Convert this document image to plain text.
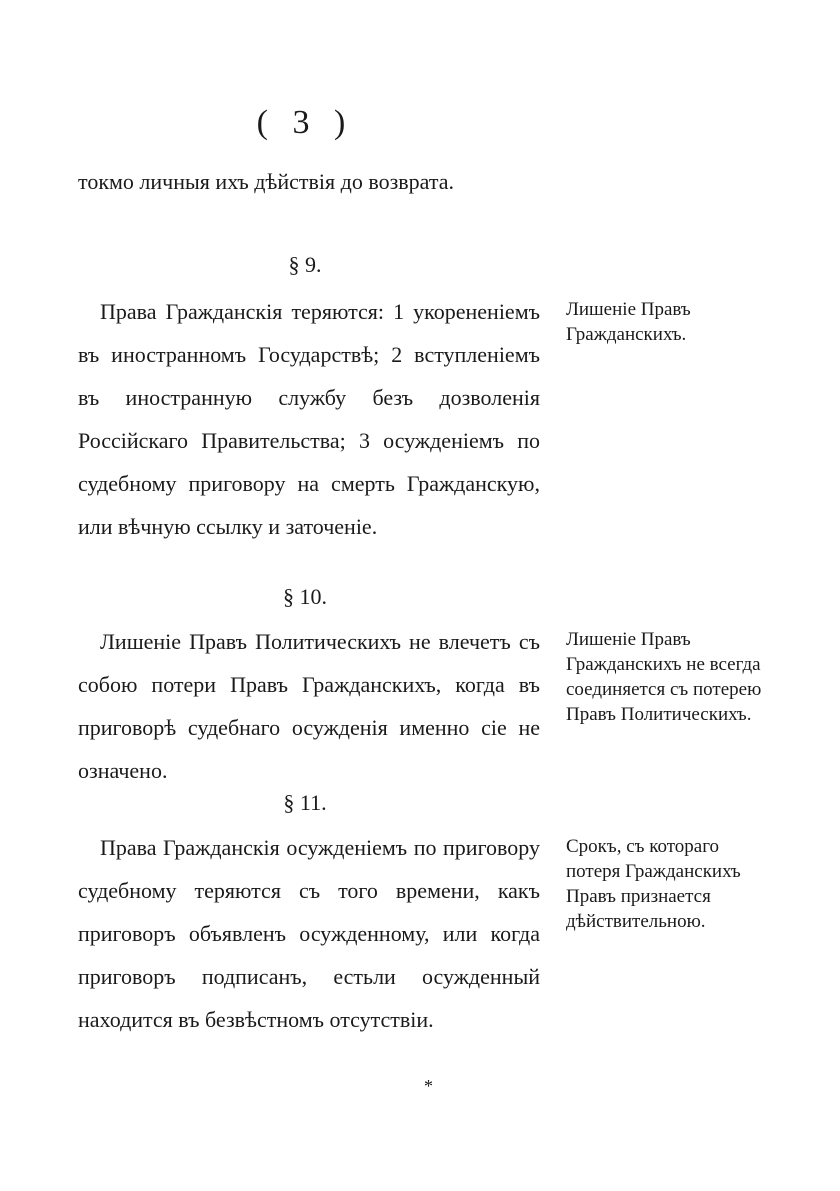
( 3 )

токмо личныя ихъ дѣйствія до возврата.

§ 9.

Права Гражданскія теряются: 1 укорененіемъ въ иностранномъ Государствѣ; 2 вступленіемъ въ иностранную службу безъ дозволенія Россійскаго Правительства; 3 осужденіемъ по судебному приговору на смерть Гражданскую, или вѣчную ссылку и заточеніе.

Лишеніе Правъ Гражданскихъ.
§ 10.

Лишеніе Правъ Политическихъ не влечетъ съ собою потери Правъ Гражданскихъ, когда въ приговорѣ судебнаго осужденія именно сіе не означено.

Лишеніе Правъ Гражданскихъ не всегда соединяется съ потерею Правъ Политическихъ.
§ 11.

Права Гражданскія осужденіемъ по приговору судебному теряются съ того времени, какъ приговоръ объявленъ осужденному, или когда приговоръ подписанъ, естьли осужденный находится въ безвѣстномъ отсутствіи.

Срокъ, съ котораго потеря Гражданскихъ Правъ признается дѣйствительною.
*
